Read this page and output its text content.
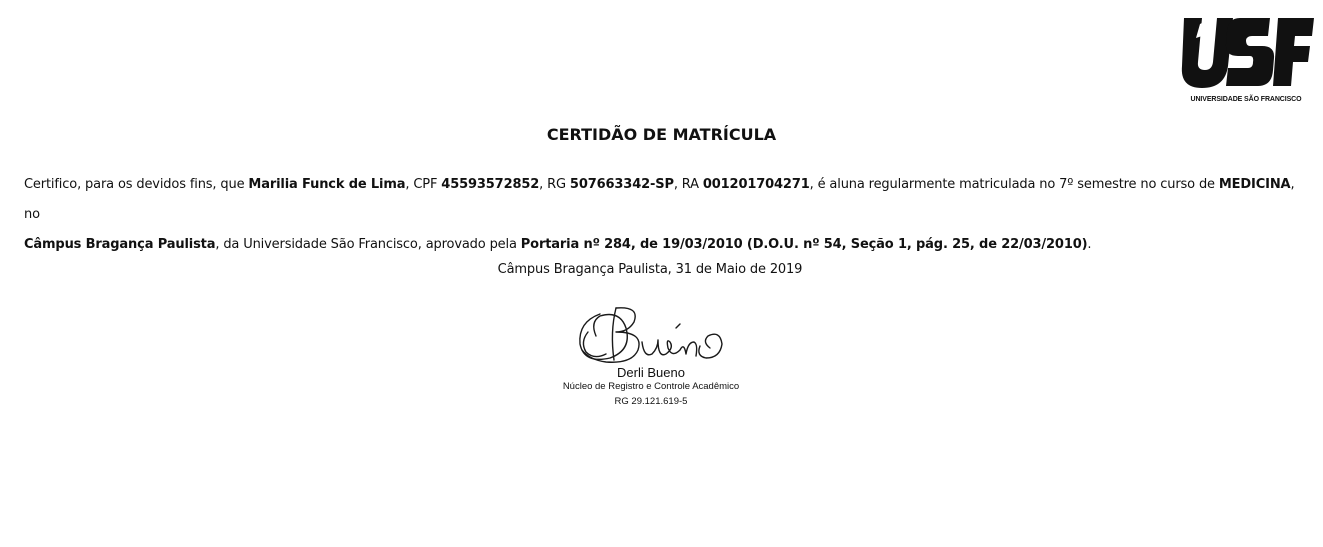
UNIVERSIDADE SÃO FRANCISCO
CERTIDÃO DE MATRÍCULA

Certifico, para os devidos fins, que Marilia Funck de Lima, CPF 45593572852, RG 507663342-SP, RA 001201704271, é aluna regularmente matriculada no 7º semestre no curso de MEDICINA, no
Câmpus Bragança Paulista, da Universidade São Francisco, aprovado pela Portaria nº 284, de 19/03/2010 (D.O.U. nº 54, Seção 1, pág. 25, de 22/03/2010).

Câmpus Bragança Paulista, 31 de Maio de 2019
Derli Bueno
Núcleo de Registro e Controle Acadêmico
RG 29.121.619-5
